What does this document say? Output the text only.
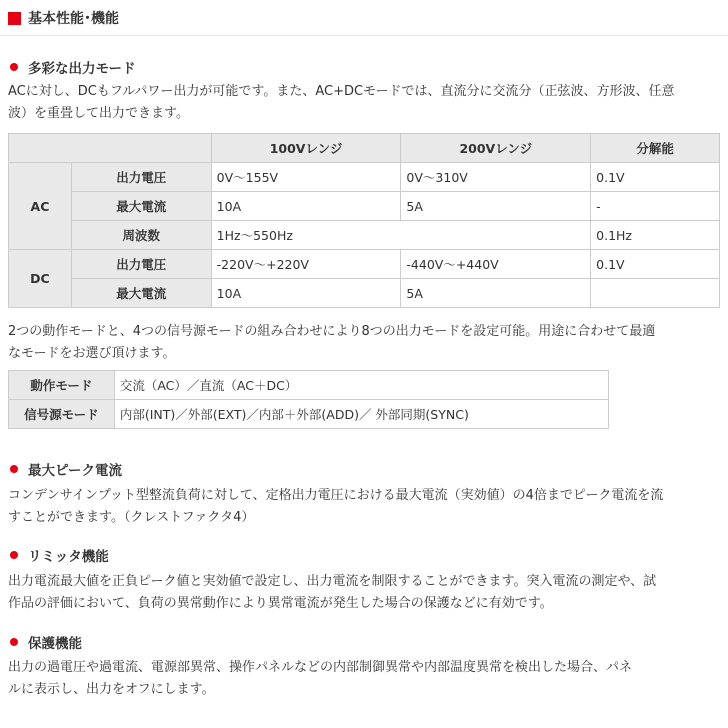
基本性能･機能
多彩な出力モード

ACに対し、DCもフルパワー出力が可能です。また、AC+DCモードでは、直流分に交流分（正弦波、方形波、任意

波）を重畳して出力できます。

		100Vレンジ	200Vレンジ	分解能
AC	出力電圧	0V〜155V	0V〜310V	0.1V
	最大電流	10A	5A	-
	周波数	1Hz〜550Hz		0.1Hz
DC	出力電圧	-220V〜+220V	-440V〜+440V	0.1V
	最大電流	10A	5A	

2つの動作モードと、4つの信号源モードの組み合わせにより8つの出力モードを設定可能。用途に合わせて最適

なモードをお選び頂けます。

動作モード	交流（AC）／直流（AC＋DC）
信号源モード	内部(INT)／外部(EXT)／内部＋外部(ADD)／ 外部同期(SYNC)
最大ピーク電流

コンデンサインプット型整流負荷に対して、定格出力電圧における最大電流（実効値）の4倍までピーク電流を流

すことができます。（クレストファクタ4）

リミッタ機能

出力電流最大値を正負ピーク値と実効値で設定し、出力電流を制限することができます。突入電流の測定や、試

作品の評価において、負荷の異常動作により異常電流が発生した場合の保護などに有効です。

保護機能

出力の過電圧や過電流、電源部異常、操作パネルなどの内部制御異常や内部温度異常を検出した場合、パネ

ルに表示し、出力をオフにします。
